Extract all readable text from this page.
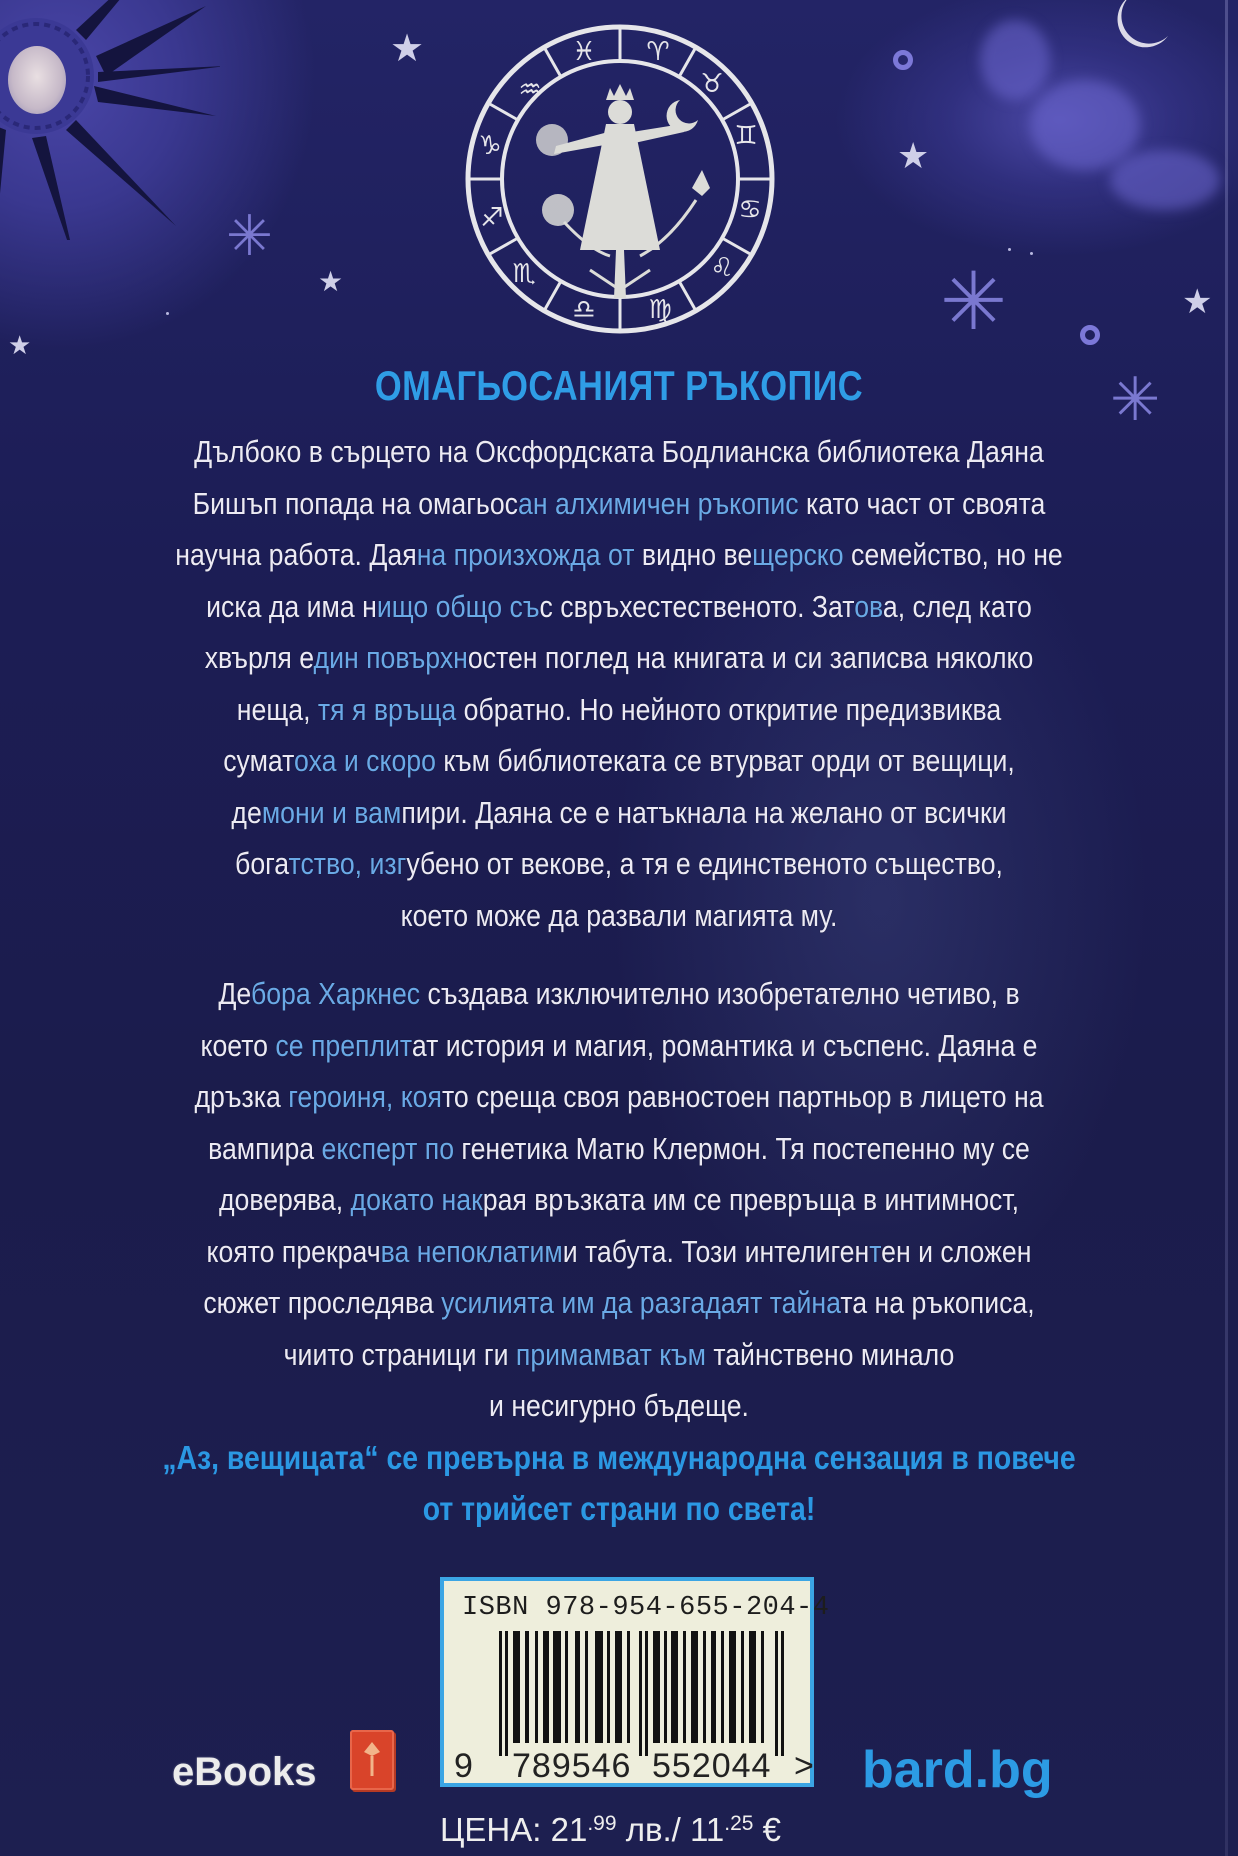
★
★
★
★
★
✳
✳
✳
♈
♉
♊
♋
♌
♍
♎
♏
♐
♑
♒
♓
ОМАГЬОСАНИЯТ РЪКОПИС
Дълбоко в сърцето на Оксфордската Бодлианска библиотека Даяна
Бишъп попада на омагьосан алхимичен ръкопис като част от своята
научна работа. Даяна произхожда от видно вещерско семейство, но не
иска да има нищо общо със свръхестественото. Затова, след като
хвърля един повърхностен поглед на книгата и си записва няколко
неща, тя я връща обратно. Но нейното откритие предизвиква
суматоха и скоро към библиотеката се втурват орди от вещици,
демони и вампири. Даяна се е натъкнала на желано от всички
богатство, изгубено от векове, а тя е единственото същество,
което може да развали магията му.
Дебора Харкнес създава изключително изобретателно четиво, в
което се преплитат история и магия, романтика и съспенс. Даяна е
дръзка героиня, която среща своя равностоен партньор в лицето на
вампира експерт по генетика Матю Клермон. Тя постепенно му се
доверява, докато накрая връзката им се превръща в интимност,
която прекрачва непоклатими табута. Този интелигентен и сложен
сюжет проследява усилията им да разгадаят тайната на ръкописа,
чиито страници ги примамват към тайнствено минало
и несигурно бъдеще.
„Аз, вещицата“ се превърна в международна сензация в повече
от трийсет страни по света!
ISBN 978-954-655-204-4
9 789546 552044 >
eBooks	bard.bg
ЦЕНА: $21^{.99}$ лв./ $11^{.25}$ €
